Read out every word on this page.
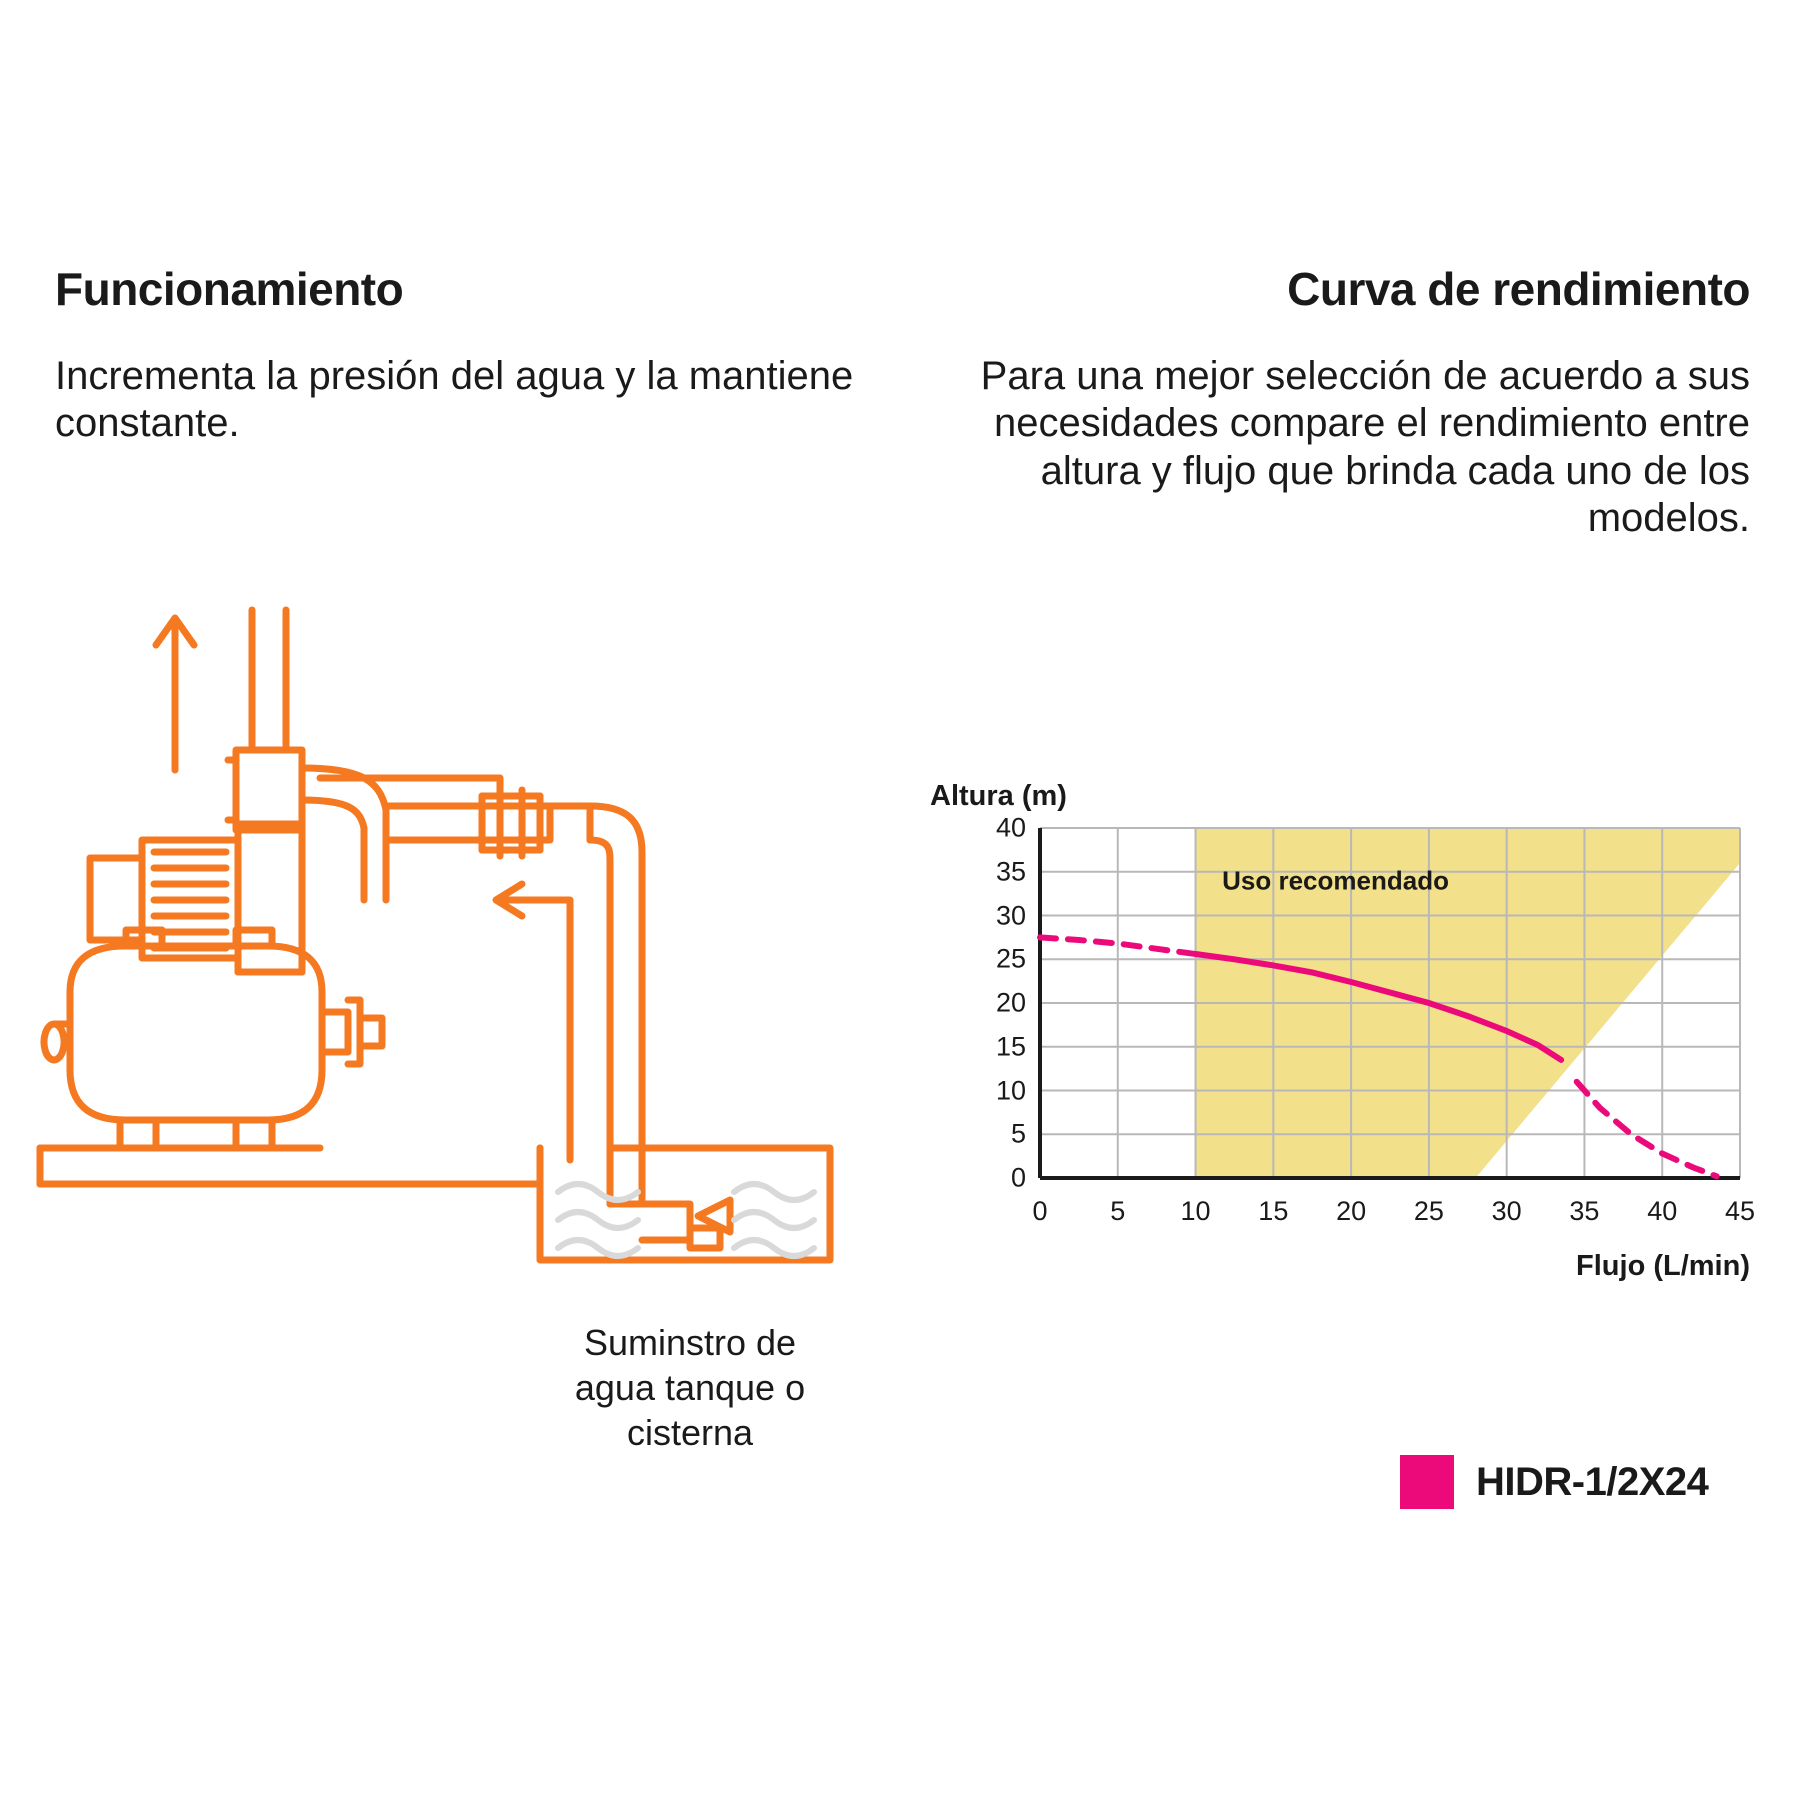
Funcionamiento

Incrementa la presión del agua y la mantiene constante.

Suminstro de agua tanque o cisterna
Curva de rendimiento

Para una mejor selección de acuerdo a sus necesidades compare el rendimiento entre altura y flujo que brinda cada uno de los modelos.

Altura (m)
Flujo (L/min)
40
35
30
25
20
15
10
5
0
0 5 10 15 20 25 30 35 40 45
Uso recomendado
HIDR-1/2X24
